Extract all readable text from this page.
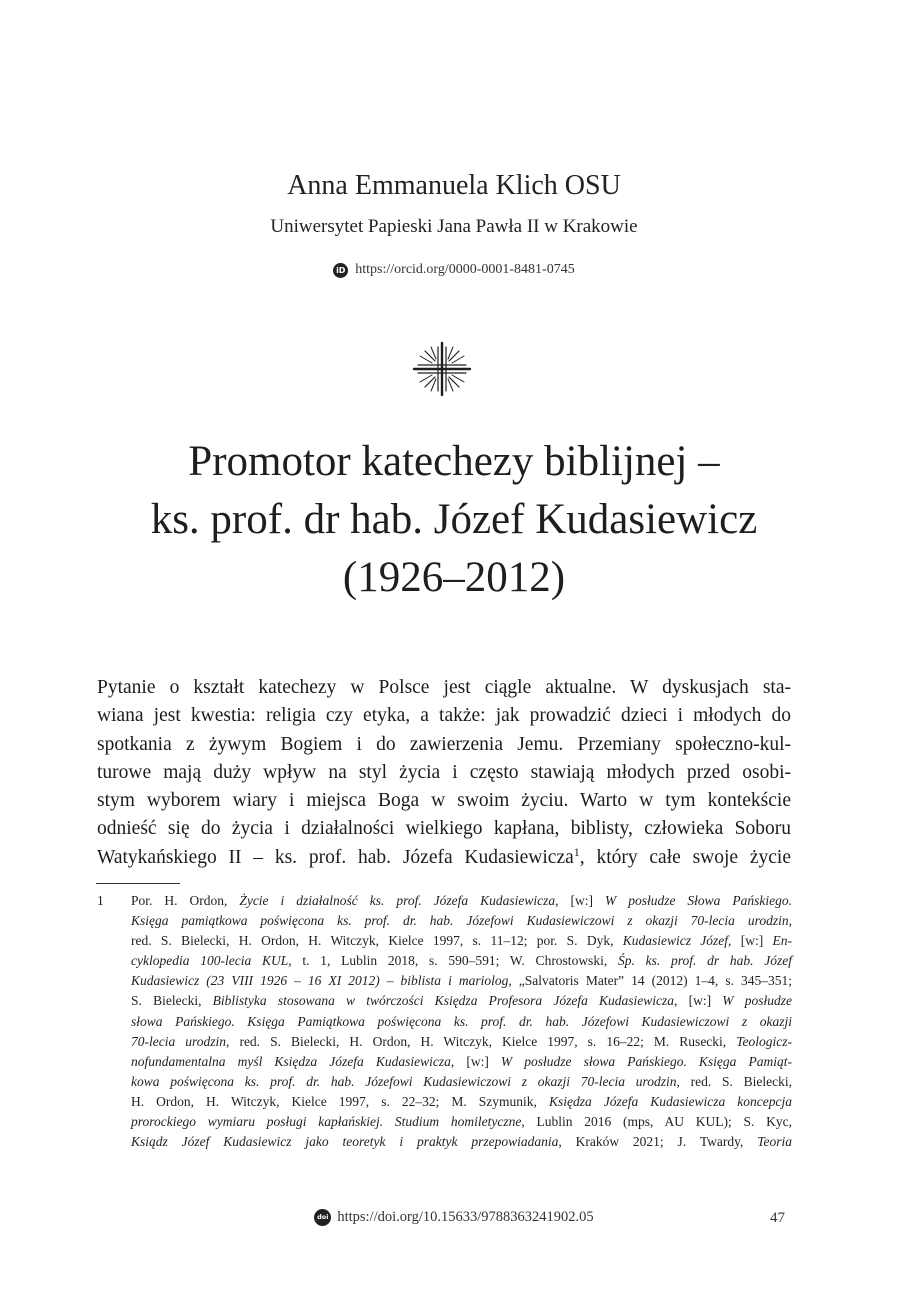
Anna Emmanuela Klich OSU
Uniwersytet Papieski Jana Pawła II w Krakowie
iD https://orcid.org/0000-0001-8481-0745
Promotor katechezy biblijnej –
ks. prof. dr hab. Józef Kudasiewicz
(1926–2012)
Pytanie o kształt katechezy w Polsce jest ciągle aktualne. W dyskusjach sta-
wiana jest kwestia: religia czy etyka, a także: jak prowadzić dzieci i młodych do
spotkania z żywym Bogiem i do zawierzenia Jemu. Przemiany społeczno-kul-
turowe mają duży wpływ na styl życia i często stawiają młodych przed osobi-
stym wyborem wiary i miejsca Boga w swoim życiu. Warto w tym kontekście
odnieść się do życia i działalności wielkiego kapłana, biblisty, człowieka Soboru
Watykańskiego II – ks. prof. hab. Józefa Kudasiewicza$^1$, który całe swoje życie
1 Por. H. Ordon, Życie i działalność ks. prof. Józefa Kudasiewicza, [w:] W posłudze Słowa Pańskiego.
Księga pamiątkowa poświęcona ks. prof. dr. hab. Józefowi Kudasiewiczowi z okazji 70-lecia urodzin,
red. S. Bielecki, H. Ordon, H. Witczyk, Kielce 1997, s. 11–12; por. S. Dyk, Kudasiewicz Józef, [w:] En-
cyklopedia 100-lecia KUL, t. 1, Lublin 2018, s. 590–591; W. Chrostowski, Śp. ks. prof. dr hab. Józef
Kudasiewicz (23 VIII 1926 – 16 XI 2012) – biblista i mariolog, „Salvatoris Mater” 14 (2012) 1–4, s. 345–351;
S. Bielecki, Biblistyka stosowana w twórczości Księdza Profesora Józefa Kudasiewicza, [w:] W posłudze
słowa Pańskiego. Księga Pamiątkowa poświęcona ks. prof. dr. hab. Józefowi Kudasiewiczowi z okazji
70-lecia urodzin, red. S. Bielecki, H. Ordon, H. Witczyk, Kielce 1997, s. 16–22; M. Rusecki, Teologicz-
nofundamentalna myśl Księdza Józefa Kudasiewicza, [w:] W posłudze słowa Pańskiego. Księga Pamiąt-
kowa poświęcona ks. prof. dr. hab. Józefowi Kudasiewiczowi z okazji 70-lecia urodzin, red. S. Bielecki,
H. Ordon, H. Witczyk, Kielce 1997, s. 22–32; M. Szymunik, Księdza Józefa Kudasiewicza koncepcja
prorockiego wymiaru posługi kapłańskiej. Studium homiletyczne, Lublin 2016 (mps, AU KUL); S. Kyc,
Ksiądz Józef Kudasiewicz jako teoretyk i praktyk przepowiadania, Kraków 2021; J. Twardy, Teoria
doi https://doi.org/10.15633/9788363241902.05	47
